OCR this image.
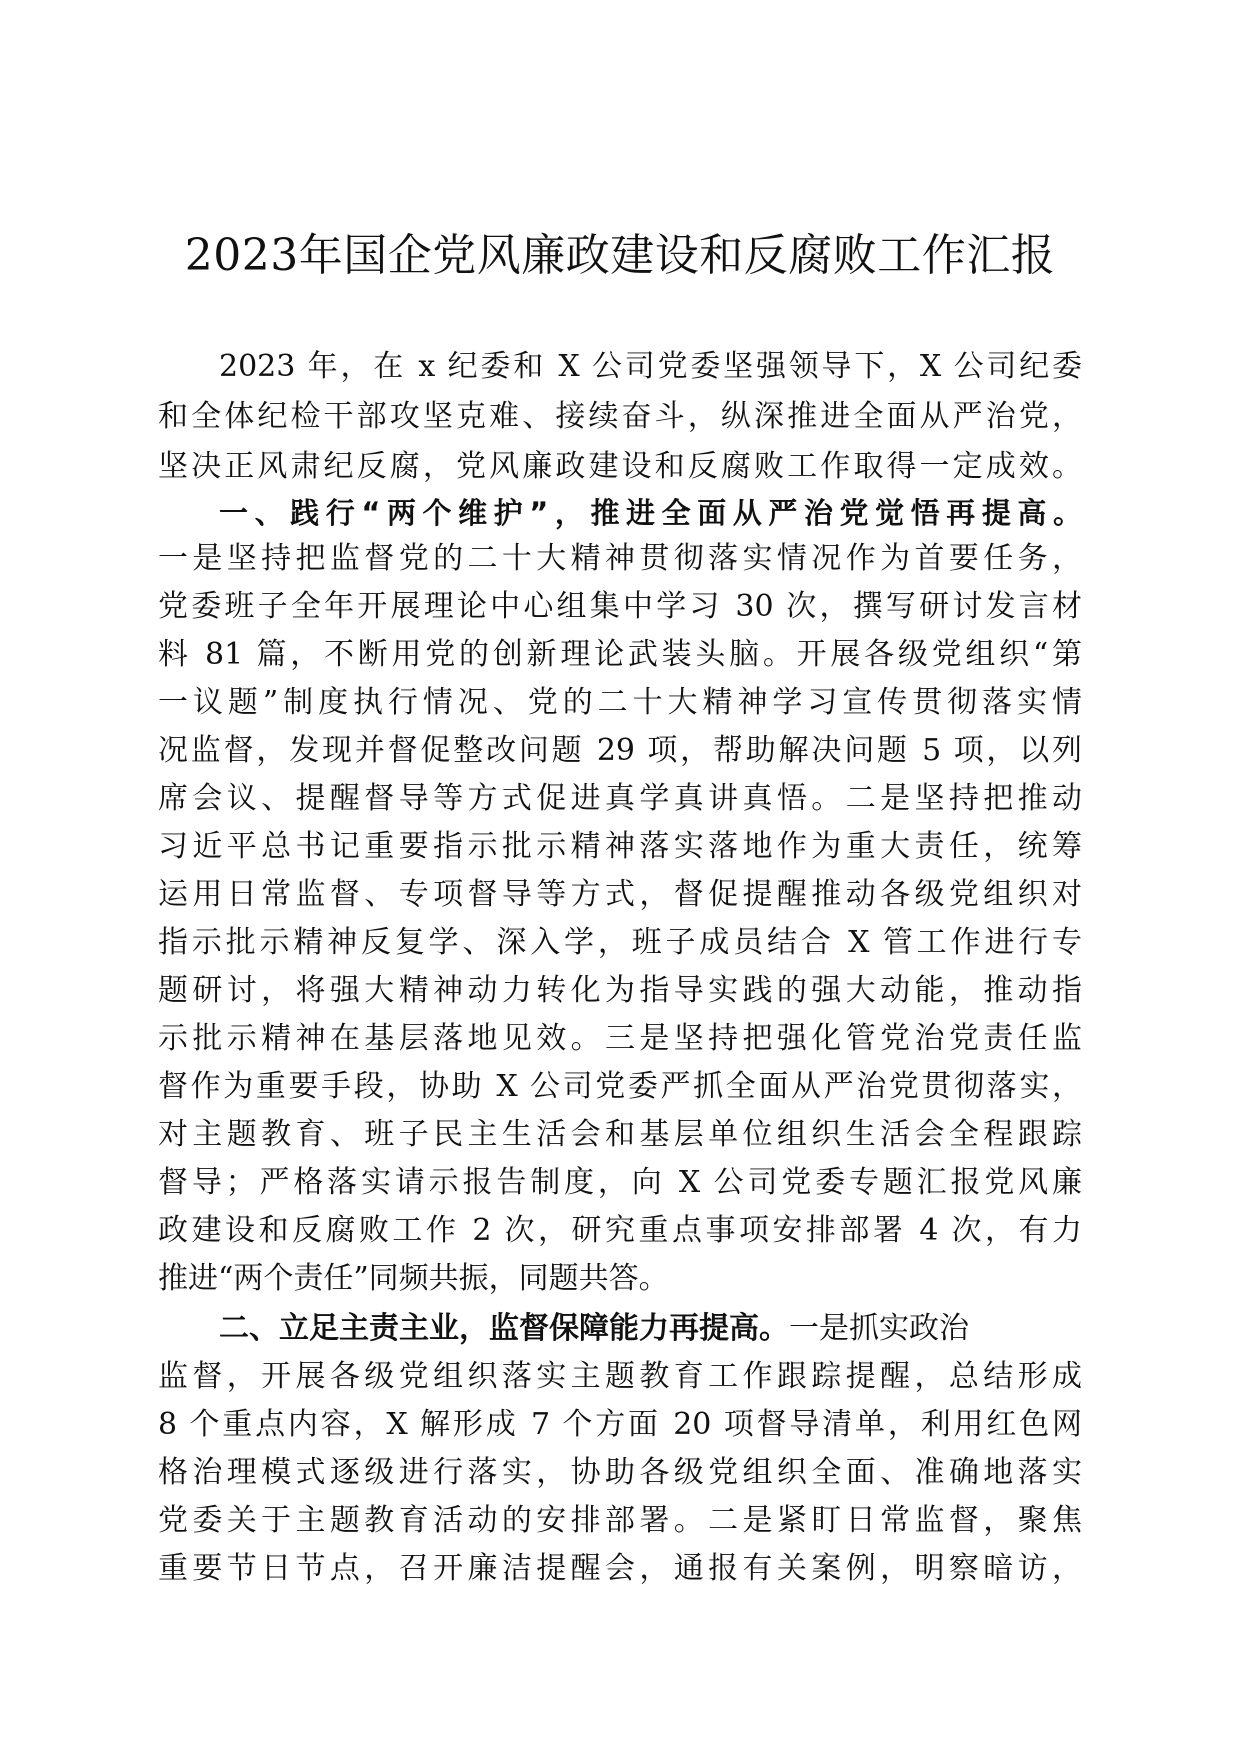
2023年国企党风廉政建设和反腐败工作汇报
2023 年，在 x 纪委和 X 公司党委坚强领导下，X 公司纪委
和全体纪检干部攻坚克难、接续奋斗，纵深推进全面从严治党，
坚决正风肃纪反腐，党风廉政建设和反腐败工作取得一定成效。
一、践行“两个维护”，推进全面从严治党觉悟再提高。
一是坚持把监督党的二十大精神贯彻落实情况作为首要任务，
党委班子全年开展理论中心组集中学习 30 次，撰写研讨发言材
料 81 篇，不断用党的创新理论武装头脑。开展各级党组织“第
一议题”制度执行情况、党的二十大精神学习宣传贯彻落实情
况监督，发现并督促整改问题 29 项，帮助解决问题 5 项，以列
席会议、提醒督导等方式促进真学真讲真悟。二是坚持把推动
习近平总书记重要指示批示精神落实落地作为重大责任，统筹
运用日常监督、专项督导等方式，督促提醒推动各级党组织对
指示批示精神反复学、深入学，班子成员结合 X 管工作进行专
题研讨，将强大精神动力转化为指导实践的强大动能，推动指
示批示精神在基层落地见效。三是坚持把强化管党治党责任监
督作为重要手段，协助 X 公司党委严抓全面从严治党贯彻落实，
对主题教育、班子民主生活会和基层单位组织生活会全程跟踪
督导；严格落实请示报告制度，向 X 公司党委专题汇报党风廉
政建设和反腐败工作 2 次，研究重点事项安排部署 4 次，有力
推进“两个责任”同频共振，同题共答。
二、立足主责主业，监督保障能力再提高。一是抓实政治
监督，开展各级党组织落实主题教育工作跟踪提醒，总结形成
8 个重点内容，X 解形成 7 个方面 20 项督导清单，利用红色网
格治理模式逐级进行落实，协助各级党组织全面、准确地落实
党委关于主题教育活动的安排部署。二是紧盯日常监督，聚焦
重要节日节点，召开廉洁提醒会，通报有关案例，明察暗访，
